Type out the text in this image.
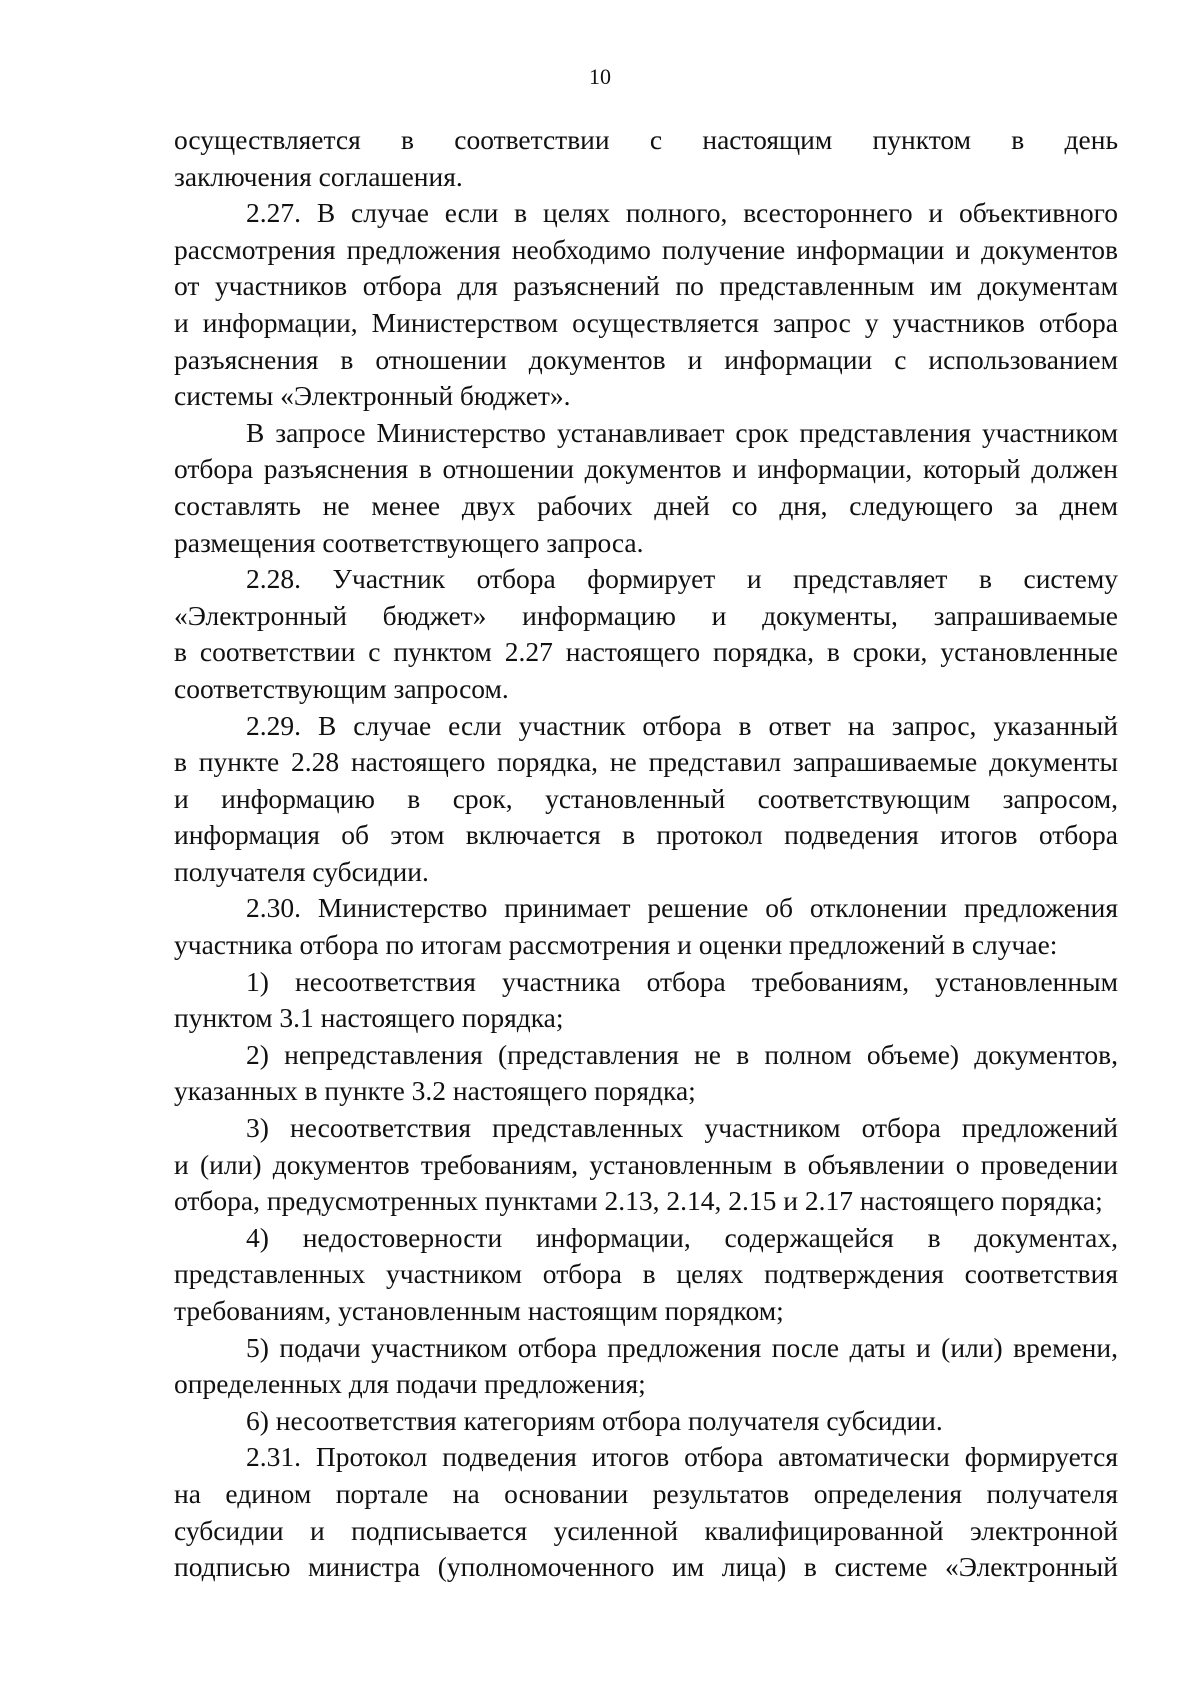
10
осуществляется в соответствии с настоящим пунктом в день
заключения соглашения.
2.27. В случае если в целях полного, всестороннего и объективного
рассмотрения предложения необходимо получение информации и документов
от участников отбора для разъяснений по представленным им документам
и информации, Министерством осуществляется запрос у участников отбора
разъяснения в отношении документов и информации с использованием
системы «Электронный бюджет».
В запросе Министерство устанавливает срок представления участником
отбора разъяснения в отношении документов и информации, который должен
составлять не менее двух рабочих дней со дня, следующего за днем
размещения соответствующего запроса.
2.28. Участник отбора формирует и представляет в систему
«Электронный бюджет» информацию и документы, запрашиваемые
в соответствии с пунктом 2.27 настоящего порядка, в сроки, установленные
соответствующим запросом.
2.29. В случае если участник отбора в ответ на запрос, указанный
в пункте 2.28 настоящего порядка, не представил запрашиваемые документы
и информацию в срок, установленный соответствующим запросом,
информация об этом включается в протокол подведения итогов отбора
получателя субсидии.
2.30. Министерство принимает решение об отклонении предложения
участника отбора по итогам рассмотрения и оценки предложений в случае:
1) несоответствия участника отбора требованиям, установленным
пунктом 3.1 настоящего порядка;
2) непредставления (представления не в полном объеме) документов,
указанных в пункте 3.2 настоящего порядка;
3) несоответствия представленных участником отбора предложений
и (или) документов требованиям, установленным в объявлении о проведении
отбора, предусмотренных пунктами 2.13, 2.14, 2.15 и 2.17 настоящего порядка;
4) недостоверности информации, содержащейся в документах,
представленных участником отбора в целях подтверждения соответствия
требованиям, установленным настоящим порядком;
5) подачи участником отбора предложения после даты и (или) времени,
определенных для подачи предложения;
6) несоответствия категориям отбора получателя субсидии.
2.31. Протокол подведения итогов отбора автоматически формируется
на едином портале на основании результатов определения получателя
субсидии и подписывается усиленной квалифицированной электронной
подписью министра (уполномоченного им лица) в системе «Электронный
